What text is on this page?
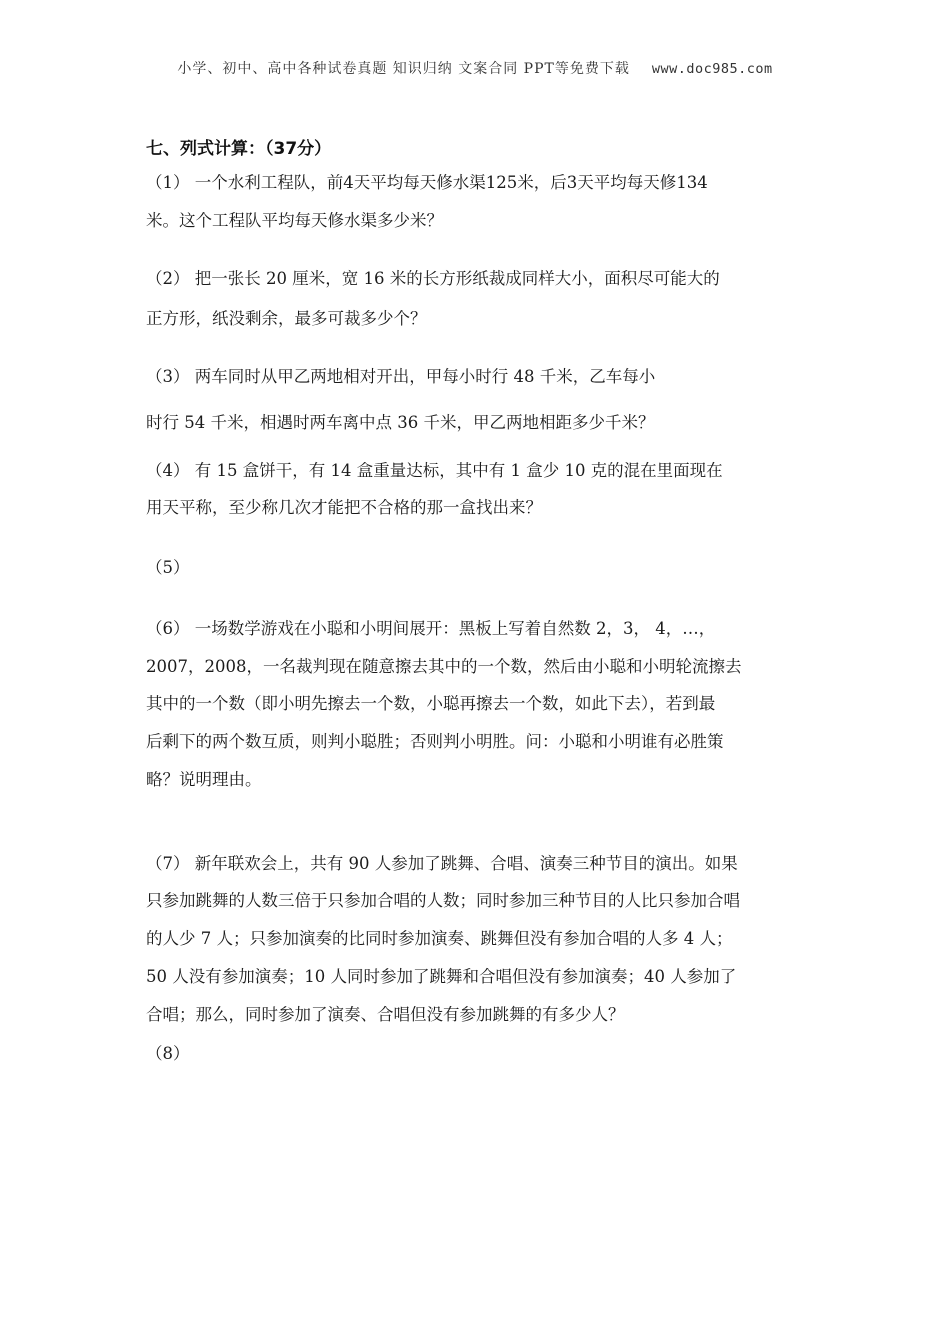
小学、初中、高中各种试卷真题 知识归纳 文案合同 PPT等免费下载 www.doc985.com
七、列式计算：（37分）
（1） 一个水利工程队，前4天平均每天修水渠125米，后3天平均每天修134
米。这个工程队平均每天修水渠多少米？
（2） 把一张长 20 厘米，宽 16 米的长方形纸裁成同样大小，面积尽可能大的
正方形，纸没剩余，最多可裁多少个？
（3） 两车同时从甲乙两地相对开出，甲每小时行 48 千米，乙车每小
时行 54 千米，相遇时两车离中点 36 千米，甲乙两地相距多少千米？
（4） 有 15 盒饼干，有 14 盒重量达标，其中有 1 盒少 10 克的混在里面现在
用天平称，至少称几次才能把不合格的那一盒找出来？
（5）
（6） 一场数学游戏在小聪和小明间展开：黑板上写着自然数 2，3， 4，…，
2007，2008，一名裁判现在随意擦去其中的一个数，然后由小聪和小明轮流擦去
其中的一个数（即小明先擦去一个数，小聪再擦去一个数，如此下去），若到最
后剩下的两个数互质，则判小聪胜；否则判小明胜。问：小聪和小明谁有必胜策
略？说明理由。
（7） 新年联欢会上，共有 90 人参加了跳舞、合唱、演奏三种节目的演出。如果
只参加跳舞的人数三倍于只参加合唱的人数；同时参加三种节目的人比只参加合唱
的人少 7 人；只参加演奏的比同时参加演奏、跳舞但没有参加合唱的人多 4 人；
50 人没有参加演奏；10 人同时参加了跳舞和合唱但没有参加演奏；40 人参加了
合唱；那么，同时参加了演奏、合唱但没有参加跳舞的有多少人？
（8）
